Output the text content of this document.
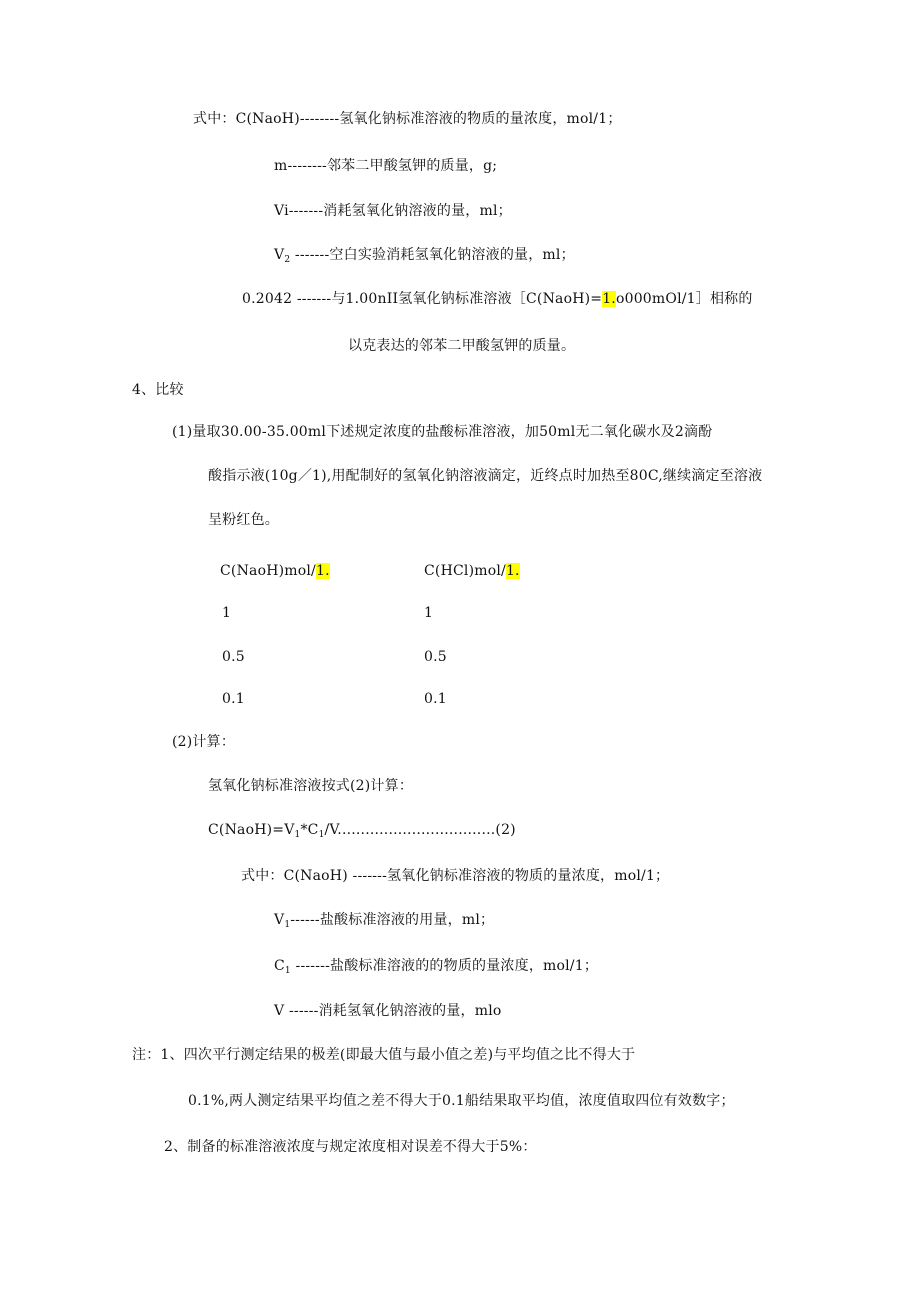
式中：C(NaoH)--------氢氧化钠标准溶液的物质的量浓度，mol/1；
m--------邻苯二甲酸氢钾的质量，g;
Vi-------消耗氢氧化钠溶液的量，ml；
$V_2$ -------空白实验消耗氢氧化钠溶液的量，ml；
0.2042 -------与1.00nII氢氧化钠标准溶液［C(NaoH)=1.o000mOl/1］相称的
以克表达的邻苯二甲酸氢钾的质量。
4、比较
(1)量取30.00-35.00ml下述规定浓度的盐酸标准溶液，加50ml无二氧化碳水及2滴酚
酸指示液(10g／1),用配制好的氢氧化钠溶液滴定，近终点时加热至80C,继续滴定至溶液
呈粉红色。
C(NaoH)mol/1.	C(HCl)mol/1.
1	1
0.5	0.5
0.1	0.1
(2)计算：
氢氧化钠标准溶液按式(2)计算：
$C(NaoH)=V_1*C_1/V..................................(2)$
式中：C(NaoH) -------氢氧化钠标准溶液的物质的量浓度，mol/1；
$V_1------$盐酸标准溶液的用量，ml；
$C_1$ -------盐酸标准溶液的的物质的量浓度，mol/1；
V ------消耗氢氧化钠溶液的量，mlo
注：1、四次平行测定结果的极差(即最大值与最小值之差)与平均值之比不得大于
0.1%,两人测定结果平均值之差不得大于0.1船结果取平均值，浓度值取四位有效数字；
2、制备的标准溶液浓度与规定浓度相对误差不得大于5%：
